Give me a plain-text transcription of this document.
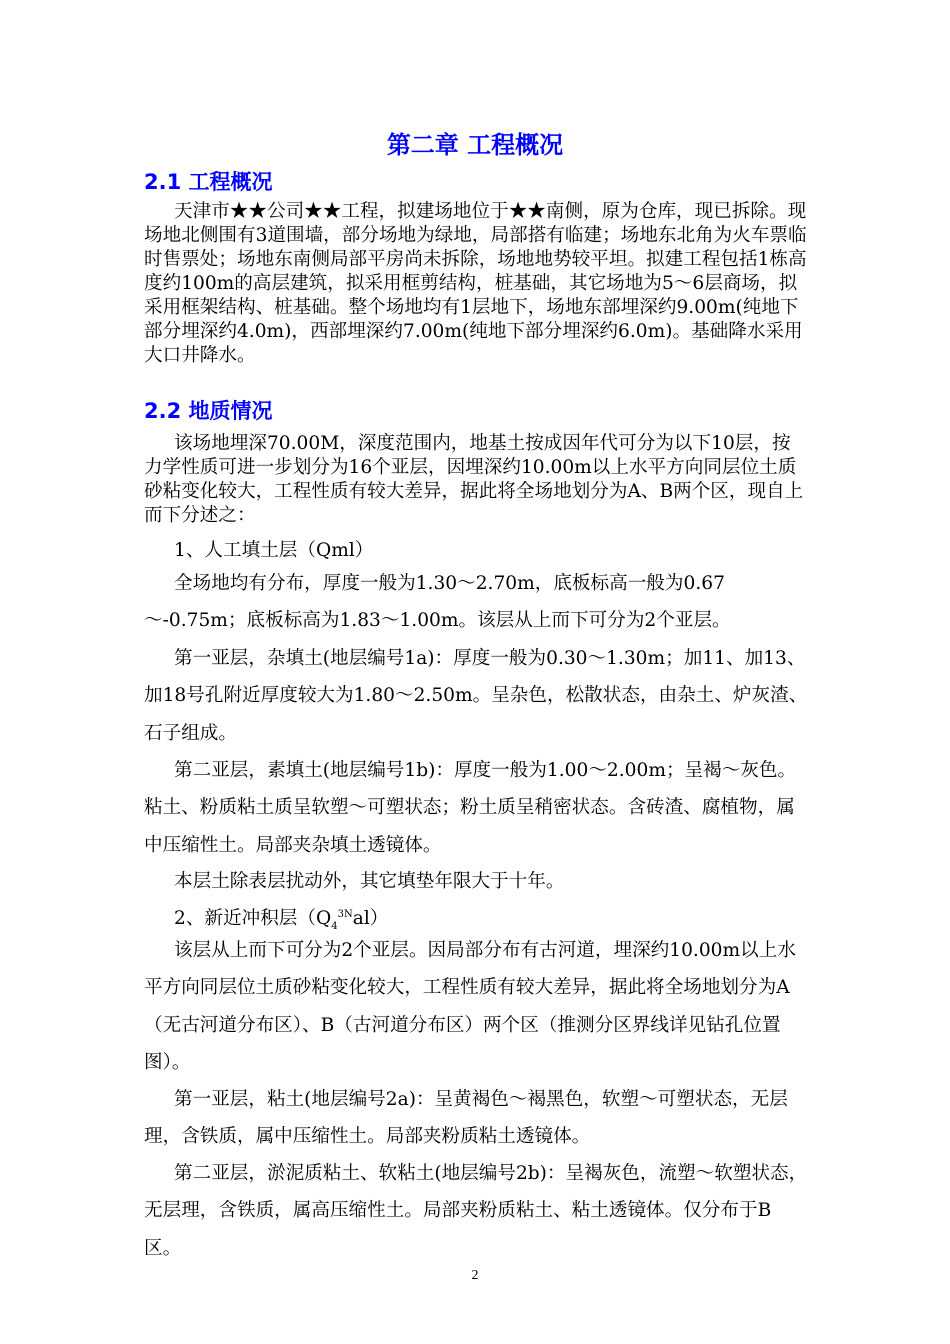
第二章 工程概况
2.1 工程概况

天津市★★公司★★工程，拟建场地位于★★南侧，原为仓库，现已拆除。现场地北侧围有3道围墙，部分场地为绿地，局部搭有临建；场地东北角为火车票临时售票处；场地东南侧局部平房尚未拆除，场地地势较平坦。拟建工程包括1栋高度约100m的高层建筑，拟采用框剪结构，桩基础，其它场地为5～6层商场，拟采用框架结构、桩基础。整个场地均有1层地下，场地东部埋深约9.00m(纯地下部分埋深约4.0m)，西部埋深约7.00m(纯地下部分埋深约6.0m)。基础降水采用大口井降水。

2.2 地质情况

该场地埋深70.00M，深度范围内，地基土按成因年代可分为以下10层，按力学性质可进一步划分为16个亚层，因埋深约10.00m以上水平方向同层位土质砂粘变化较大，工程性质有较大差异，据此将全场地划分为A、B两个区，现自上而下分述之：

1、人工填土层（Qml）

全场地均有分布，厚度一般为1.30～2.70m，底板标高一般为0.67～-0.75m；底板标高为1.83～1.00m。该层从上而下可分为2个亚层。

第一亚层，杂填土(地层编号1a)：厚度一般为0.30～1.30m；加11、加13、加18号孔附近厚度较大为1.80～2.50m。呈杂色，松散状态，由杂土、炉灰渣、石子组成。

第二亚层，素填土(地层编号1b)：厚度一般为1.00～2.00m；呈褐～灰色。粘土、粉质粘土质呈软塑～可塑状态；粉土质呈稍密状态。含砖渣、腐植物，属中压缩性土。局部夹杂填土透镜体。

本层土除表层扰动外，其它填垫年限大于十年。

2、新近冲积层$(Q_4^{3N}al)$

该层从上而下可分为2个亚层。因局部分布有古河道，埋深约10.00m以上水平方向同层位土质砂粘变化较大，工程性质有较大差异，据此将全场地划分为A（无古河道分布区）、B（古河道分布区）两个区（推测分区界线详见钻孔位置图）。

第一亚层，粘土(地层编号2a)：呈黄褐色～褐黑色，软塑～可塑状态，无层理，含铁质，属中压缩性土。局部夹粉质粘土透镜体。

第二亚层，淤泥质粘土、软粘土(地层编号2b)：呈褐灰色，流塑～软塑状态，无层理，含铁质，属高压缩性土。局部夹粉质粘土、粘土透镜体。仅分布于B区。

2
